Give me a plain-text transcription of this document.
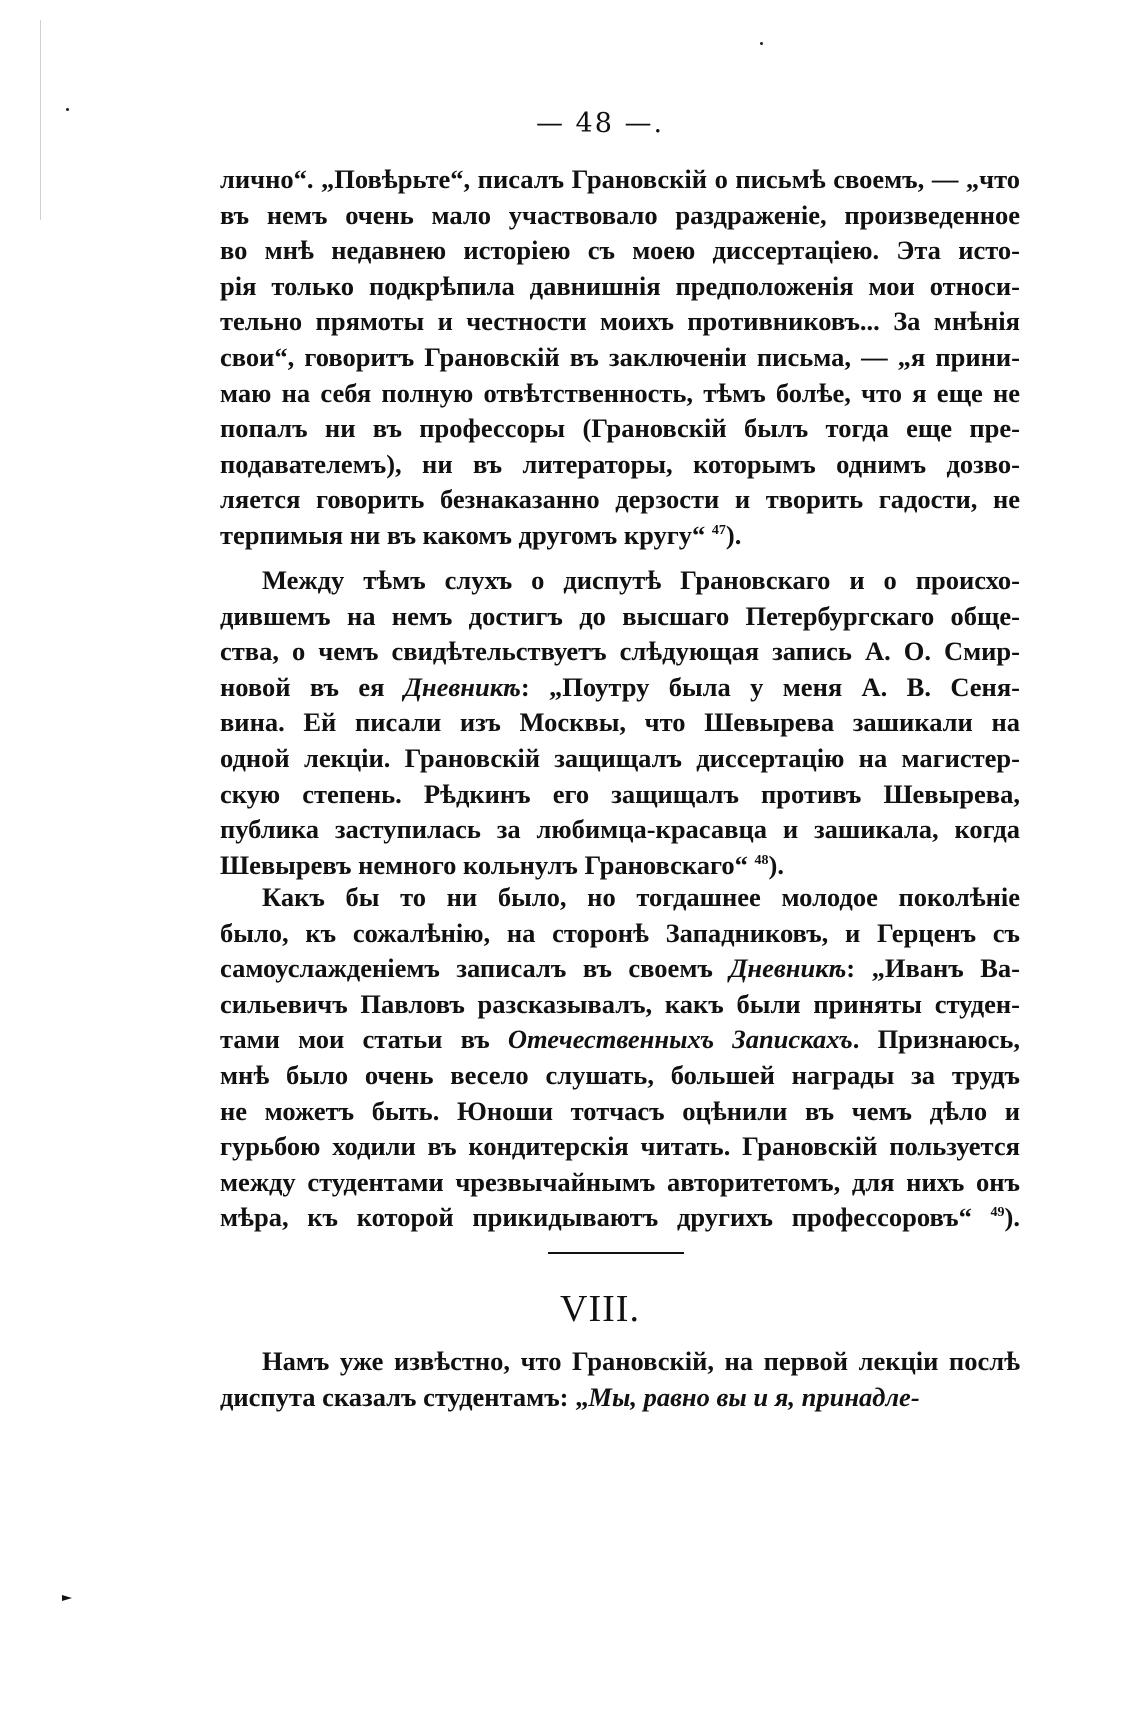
— 48 —.
лично“. „Повѣрьте“, писалъ Грановскій о письмѣ своемъ, — „что
въ немъ очень мало участвовало раздраженіе, произведенное
во мнѣ недавнею исторіею съ моею диссертаціею. Эта исто-
рія только подкрѣпила давнишнія предположенія мои относи-
тельно прямоты и честности моихъ противниковъ... За мнѣнія
свои“, говоритъ Грановскій въ заключеніи письма, — „я прини-
маю на себя полную отвѣтственность, тѣмъ болѣе, что я еще не
попалъ ни въ профессоры (Грановскій былъ тогда еще пре-
подавателемъ), ни въ литераторы, которымъ однимъ дозво-
ляется говорить безнаказанно дерзости и творить гадости, не
терпимыя ни въ какомъ другомъ кругу“ $^{47}$).
Между тѣмъ слухъ о диспутѣ Грановскаго и о происхо-
дившемъ на немъ достигъ до высшаго Петербургскаго обще-
ства, о чемъ свидѣтельствуетъ слѣдующая запись А. О. Смир-
новой въ ея Дневникѣ: „Поутру была у меня А. В. Сеня-
вина. Ей писали изъ Москвы, что Шевырева зашикали на
одной лекціи. Грановскій защищалъ диссертацію на магистер-
скую степень. Рѣдкинъ его защищалъ противъ Шевырева,
публика заступилась за любимца-красавца и зашикала, когда
Шевыревъ немного кольнулъ Грановскаго“ $^{48}$).
Какъ бы то ни было, но тогдашнее молодое поколѣніе
было, къ сожалѣнію, на сторонѣ Западниковъ, и Герценъ съ
самоуслажденіемъ записалъ въ своемъ Дневникѣ: „Иванъ Ва-
сильевичъ Павловъ разсказывалъ, какъ были приняты студен-
тами мои статьи въ Отечественныхъ Запискахъ. Признаюсь,
мнѣ было очень весело слушать, большей награды за трудъ
не можетъ быть. Юноши тотчасъ оцѣнили въ чемъ дѣло и
гурьбою ходили въ кондитерскія читать. Грановскій пользуется
между студентами чрезвычайнымъ авторитетомъ, для нихъ онъ
мѣра, къ которой прикидываютъ другихъ профессоровъ“ $^{49}$).
VIII.
Намъ уже извѣстно, что Грановскій, на первой лекціи послѣ
диспута сказалъ студентамъ: „Мы, равно вы и я, принадле-
